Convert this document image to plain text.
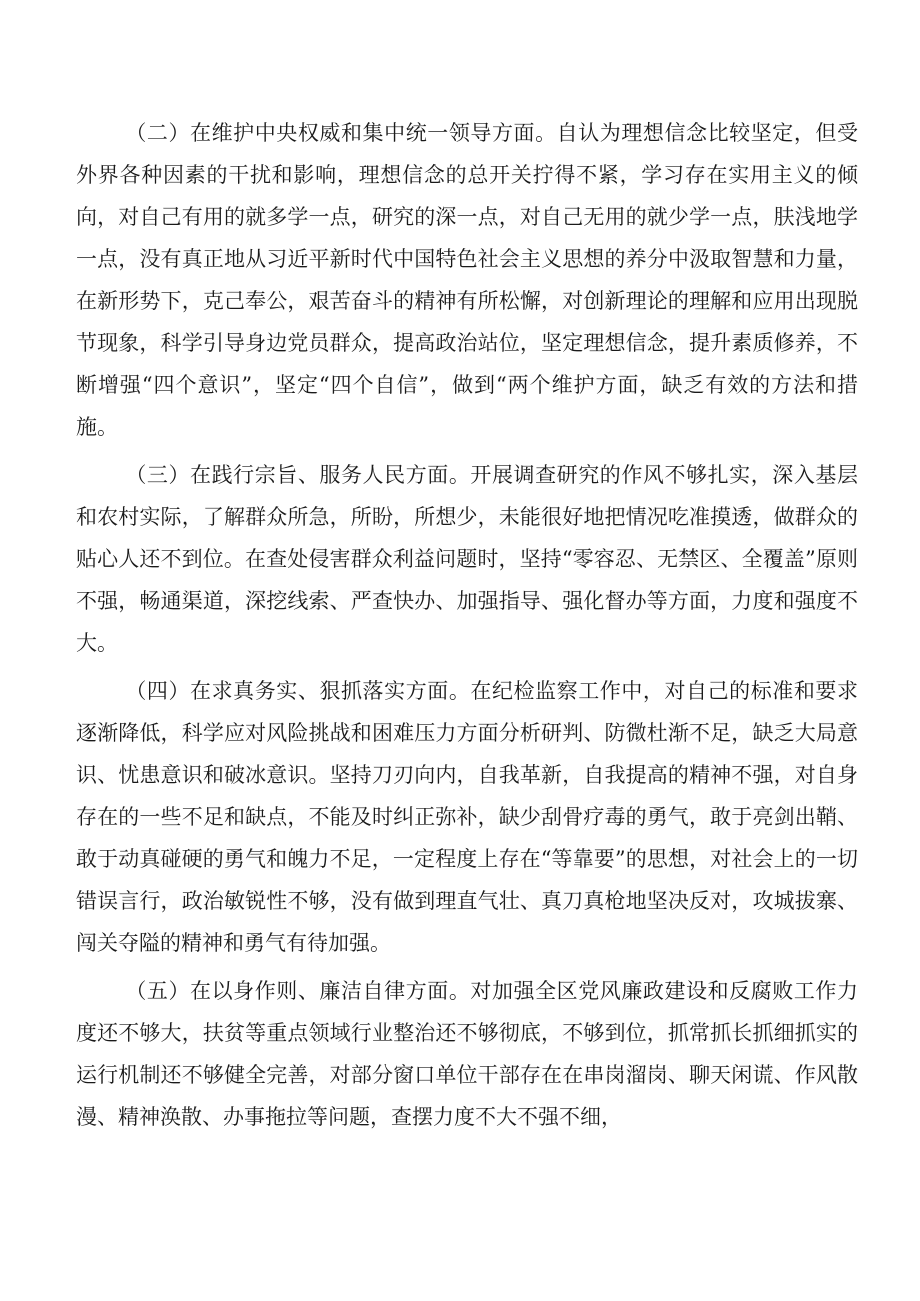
（二）在维护中央权威和集中统一领导方面。自认为理想信念比较坚定，但受外界各种因素的干扰和影响，理想信念的总开关拧得不紧，学习存在实用主义的倾向，对自己有用的就多学一点，研究的深一点，对自己无用的就少学一点，肤浅地学一点，没有真正地从习近平新时代中国特色社会主义思想的养分中汲取智慧和力量，在新形势下，克己奉公，艰苦奋斗的精神有所松懈，对创新理论的理解和应用出现脱节现象，科学引导身边党员群众，提高政治站位，坚定理想信念，提升素质修养，不断增强“四个意识”，坚定“四个自信”，做到“两个维护方面，缺乏有效的方法和措施。

（三）在践行宗旨、服务人民方面。开展调查研究的作风不够扎实，深入基层和农村实际，了解群众所急，所盼，所想少，未能很好地把情况吃准摸透，做群众的贴心人还不到位。在查处侵害群众利益问题时，坚持“零容忍、无禁区、全覆盖”原则不强，畅通渠道，深挖线索、严查快办、加强指导、强化督办等方面，力度和强度不大。

（四）在求真务实、狠抓落实方面。在纪检监察工作中，对自己的标准和要求逐渐降低，科学应对风险挑战和困难压力方面分析研判、防微杜渐不足，缺乏大局意识、忧患意识和破冰意识。坚持刀刃向内，自我革新，自我提高的精神不强，对自身存在的一些不足和缺点，不能及时纠正弥补，缺少刮骨疗毒的勇气，敢于亮剑出鞘、敢于动真碰硬的勇气和魄力不足，一定程度上存在“等靠要”的思想，对社会上的一切错误言行，政治敏锐性不够，没有做到理直气壮、真刀真枪地坚决反对，攻城拔寨、闯关夺隘的精神和勇气有待加强。

（五）在以身作则、廉洁自律方面。对加强全区党风廉政建设和反腐败工作力度还不够大，扶贫等重点领域行业整治还不够彻底，不够到位，抓常抓长抓细抓实的运行机制还不够健全完善，对部分窗口单位干部存在在串岗溜岗、聊天闲谎、作风散漫、精神涣散、办事拖拉等问题，查摆力度不大不强不细，
